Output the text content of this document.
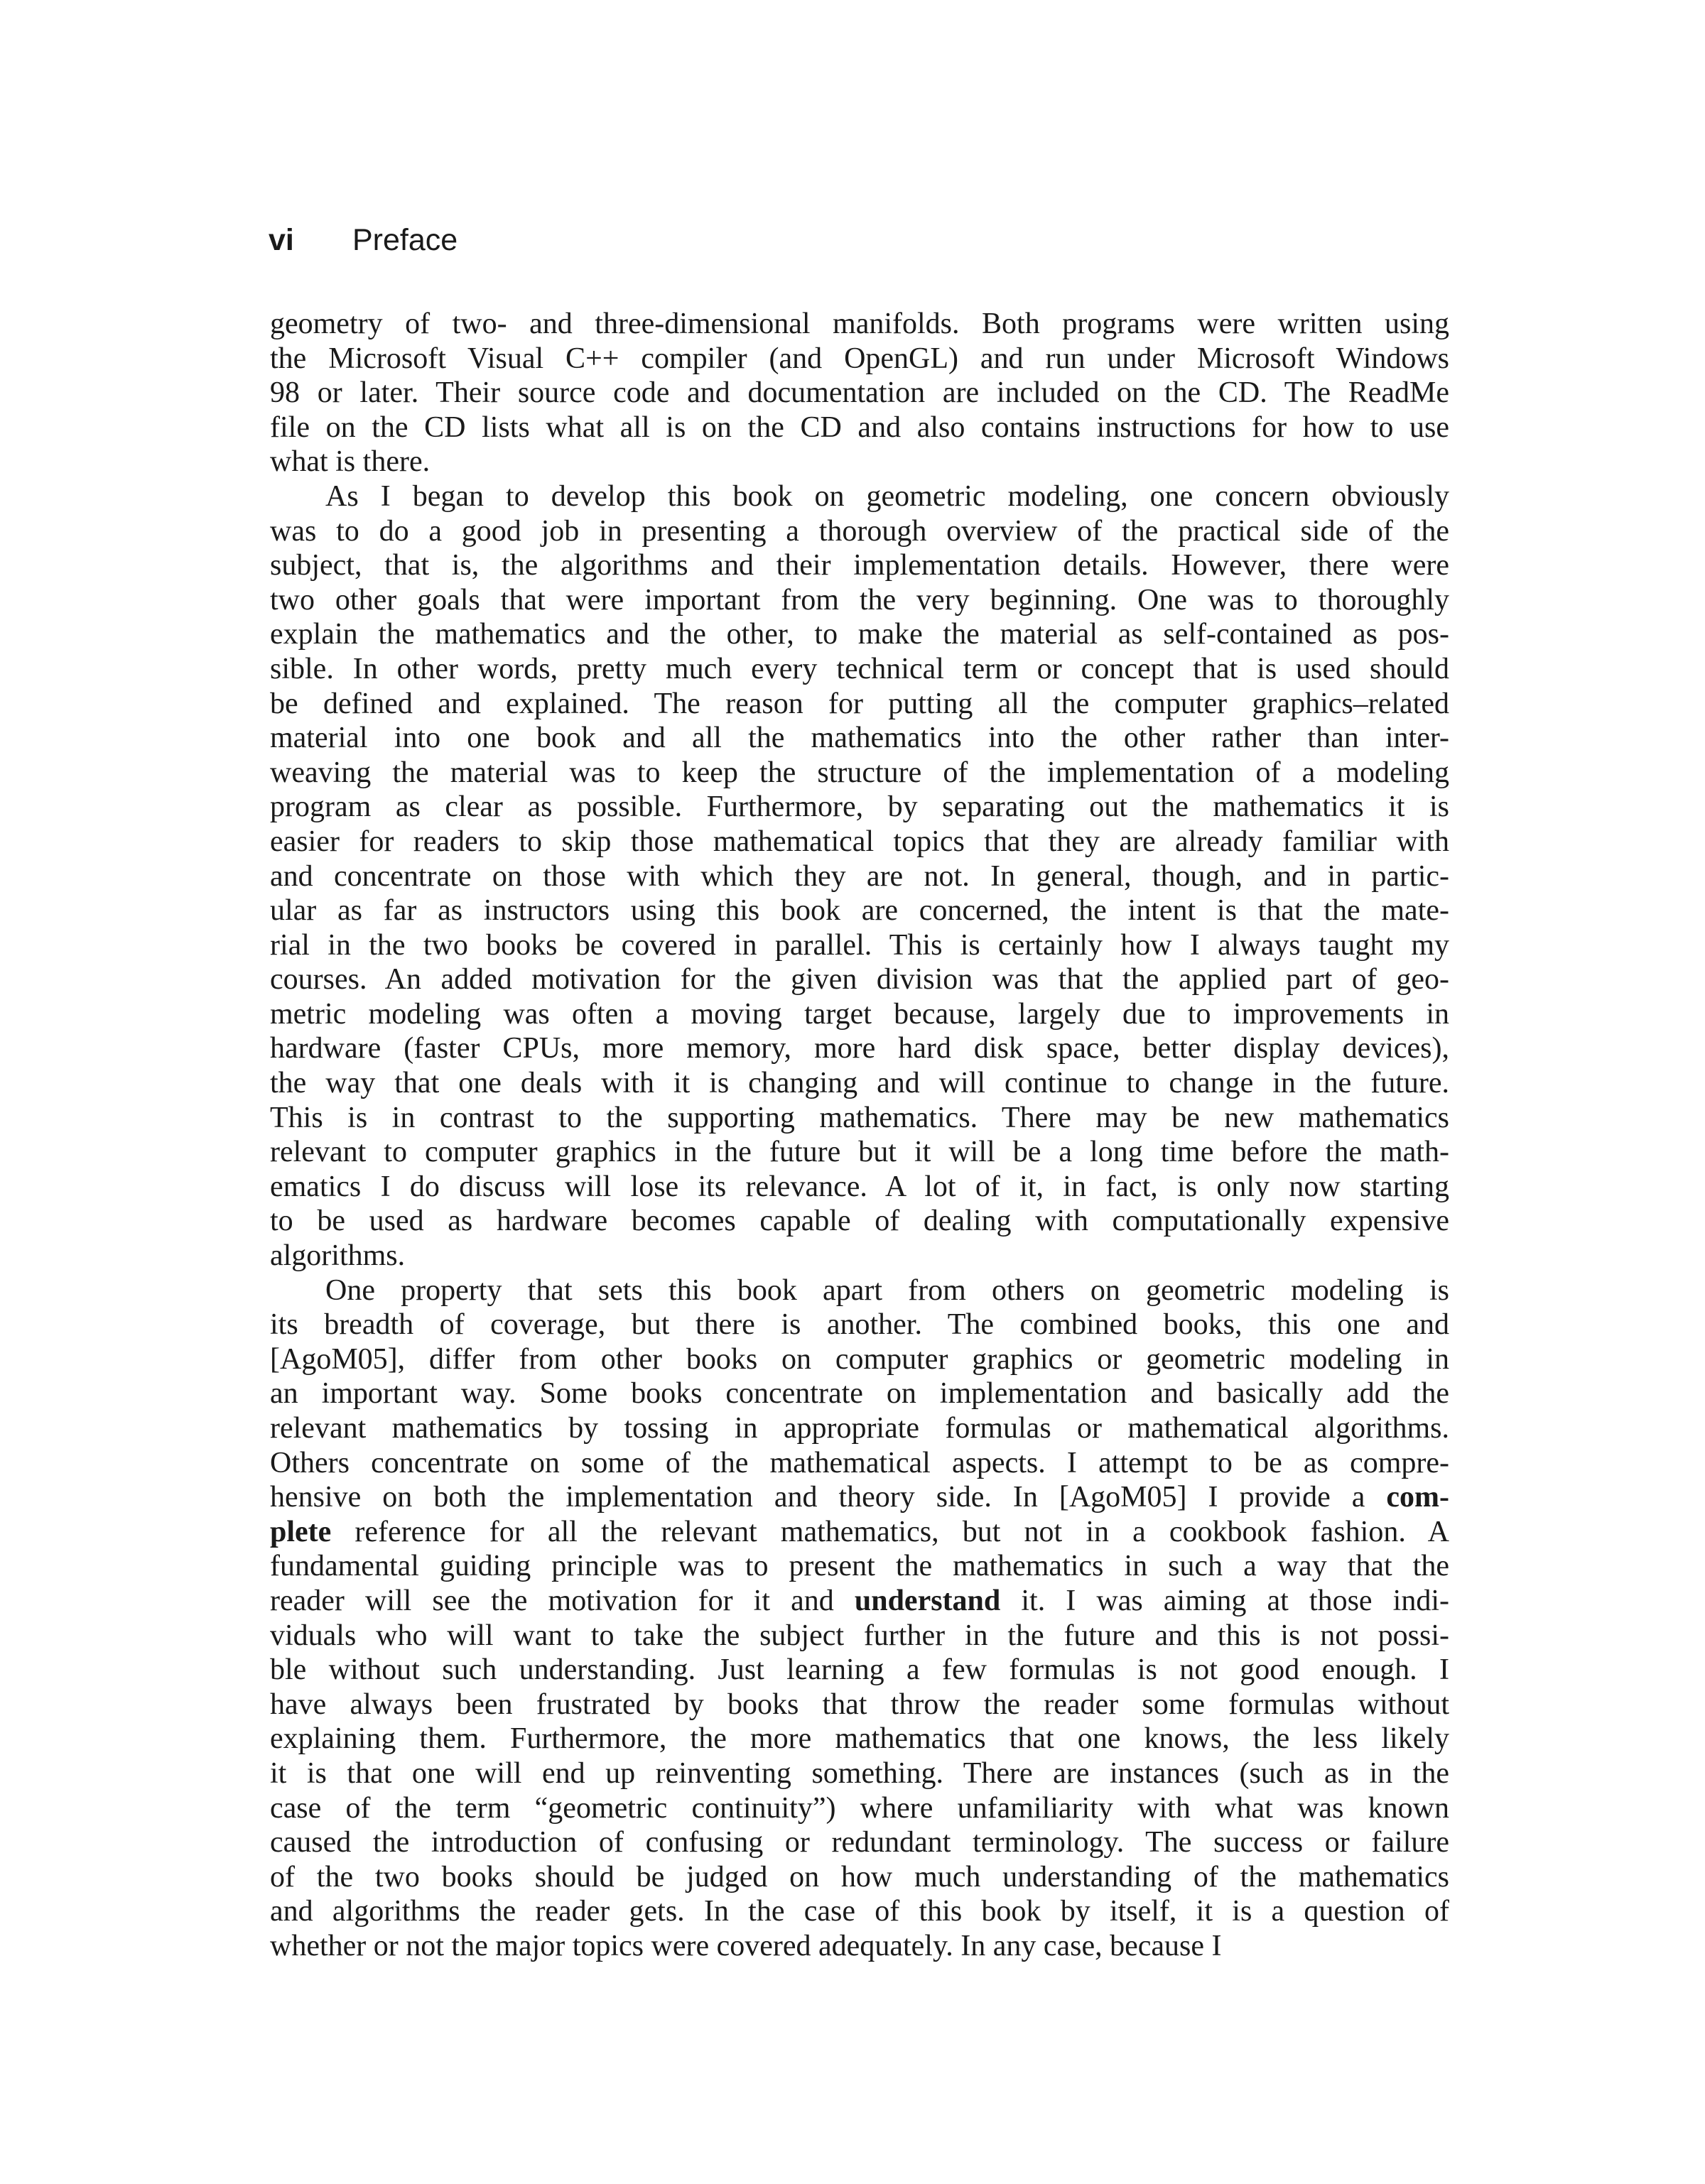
vi Preface
geometry of two- and three-dimensional manifolds. Both programs were written using
the Microsoft Visual C++ compiler (and OpenGL) and run under Microsoft Windows
98 or later. Their source code and documentation are included on the CD. The ReadMe
file on the CD lists what all is on the CD and also contains instructions for how to use
what is there.
As I began to develop this book on geometric modeling, one concern obviously
was to do a good job in presenting a thorough overview of the practical side of the
subject, that is, the algorithms and their implementation details. However, there were
two other goals that were important from the very beginning. One was to thoroughly
explain the mathematics and the other, to make the material as self-contained as pos-
sible. In other words, pretty much every technical term or concept that is used should
be defined and explained. The reason for putting all the computer graphics–related
material into one book and all the mathematics into the other rather than inter-
weaving the material was to keep the structure of the implementation of a modeling
program as clear as possible. Furthermore, by separating out the mathematics it is
easier for readers to skip those mathematical topics that they are already familiar with
and concentrate on those with which they are not. In general, though, and in partic-
ular as far as instructors using this book are concerned, the intent is that the mate-
rial in the two books be covered in parallel. This is certainly how I always taught my
courses. An added motivation for the given division was that the applied part of geo-
metric modeling was often a moving target because, largely due to improvements in
hardware (faster CPUs, more memory, more hard disk space, better display devices),
the way that one deals with it is changing and will continue to change in the future.
This is in contrast to the supporting mathematics. There may be new mathematics
relevant to computer graphics in the future but it will be a long time before the math-
ematics I do discuss will lose its relevance. A lot of it, in fact, is only now starting
to be used as hardware becomes capable of dealing with computationally expensive
algorithms.
One property that sets this book apart from others on geometric modeling is
its breadth of coverage, but there is another. The combined books, this one and
[AgoM05], differ from other books on computer graphics or geometric modeling in
an important way. Some books concentrate on implementation and basically add the
relevant mathematics by tossing in appropriate formulas or mathematical algorithms.
Others concentrate on some of the mathematical aspects. I attempt to be as compre-
hensive on both the implementation and theory side. In [AgoM05] I provide a com-
plete reference for all the relevant mathematics, but not in a cookbook fashion. A
fundamental guiding principle was to present the mathematics in such a way that the
reader will see the motivation for it and understand it. I was aiming at those indi-
viduals who will want to take the subject further in the future and this is not possi-
ble without such understanding. Just learning a few formulas is not good enough. I
have always been frustrated by books that throw the reader some formulas without
explaining them. Furthermore, the more mathematics that one knows, the less likely
it is that one will end up reinventing something. There are instances (such as in the
case of the term “geometric continuity”) where unfamiliarity with what was known
caused the introduction of confusing or redundant terminology. The success or failure
of the two books should be judged on how much understanding of the mathematics
and algorithms the reader gets. In the case of this book by itself, it is a question of
whether or not the major topics were covered adequately. In any case, because I
